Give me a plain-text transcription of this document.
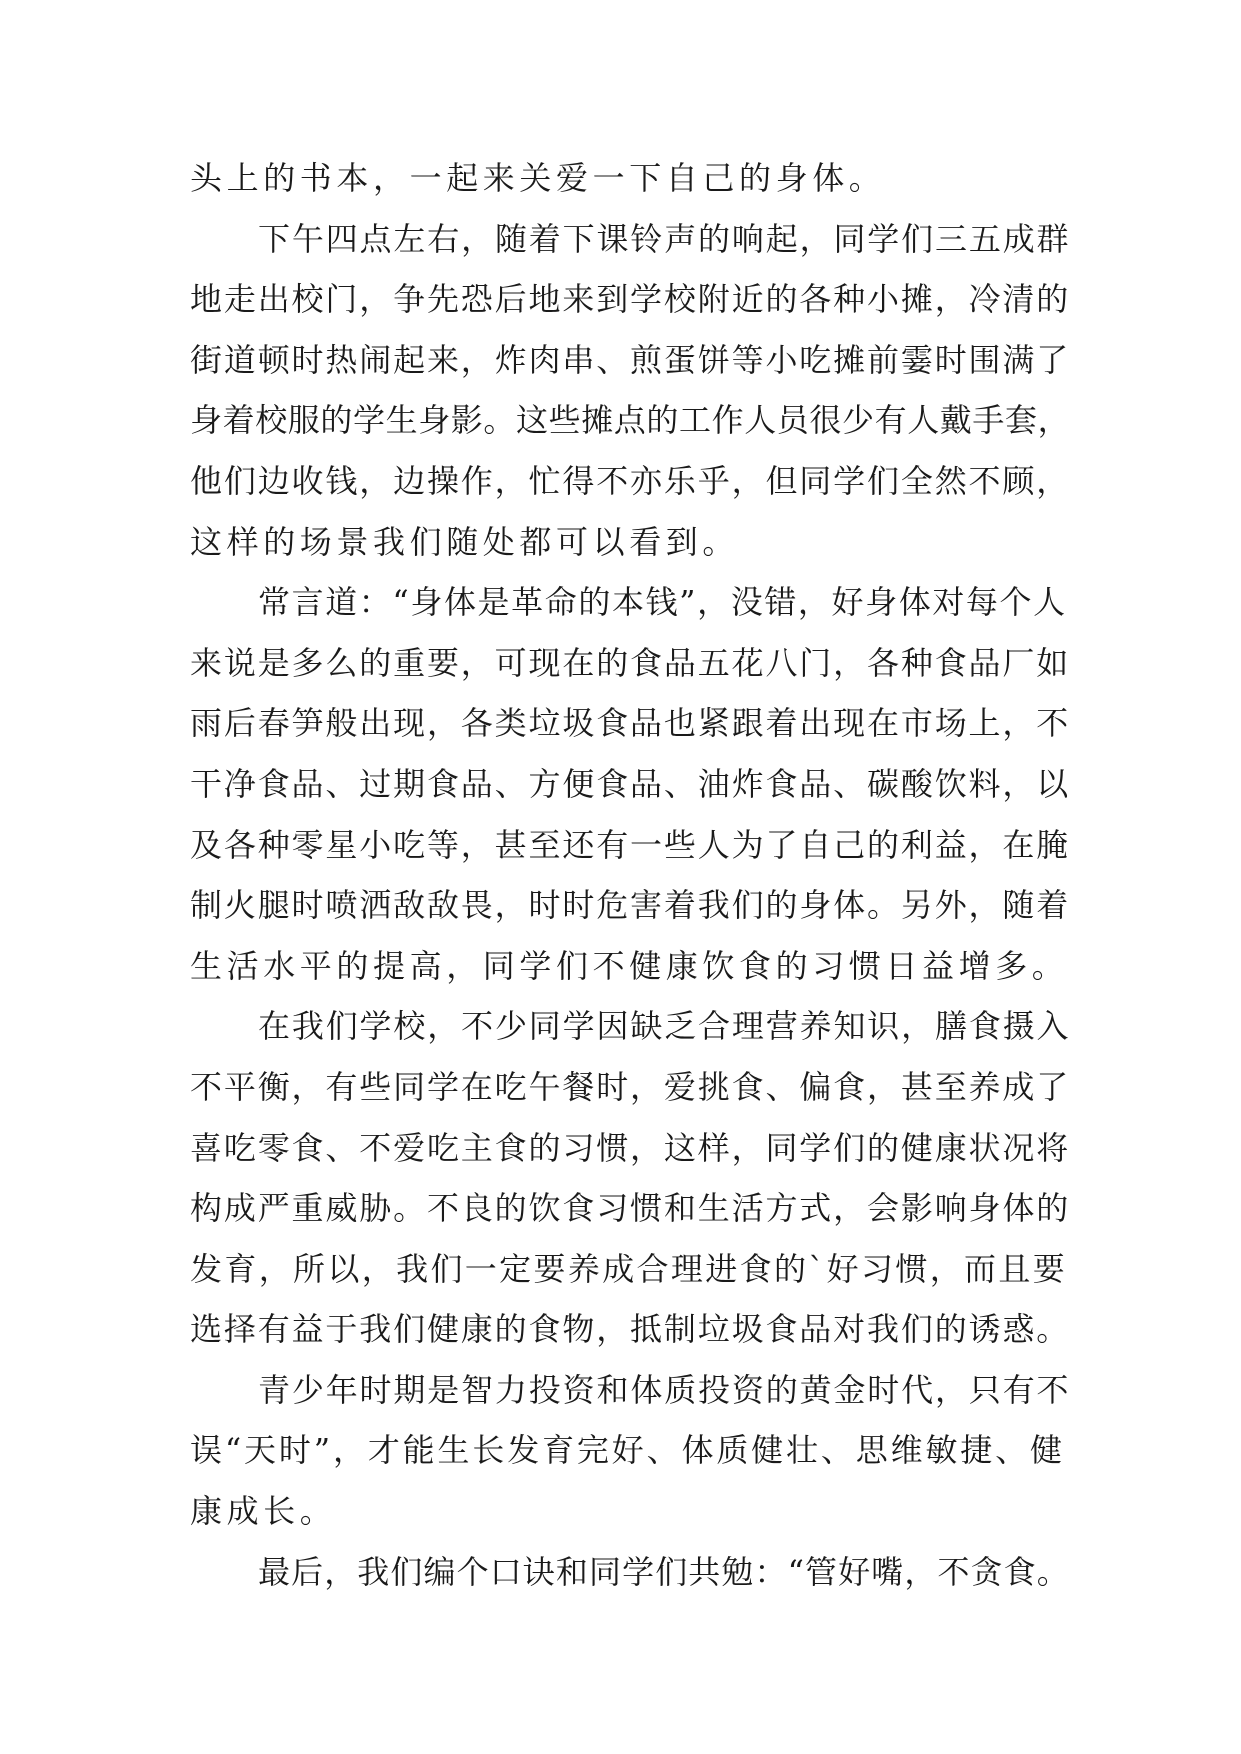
头上的书本，一起来关爱一下自己的身体。
下午四点左右，随着下课铃声的响起，同学们三五成群
地走出校门，争先恐后地来到学校附近的各种小摊，冷清的
街道顿时热闹起来，炸肉串、煎蛋饼等小吃摊前霎时围满了
身着校服的学生身影。这些摊点的工作人员很少有人戴手套，
他们边收钱，边操作，忙得不亦乐乎，但同学们全然不顾，
这样的场景我们随处都可以看到。
常言道：“身体是革命的本钱”，没错，好身体对每个人
来说是多么的重要，可现在的食品五花八门，各种食品厂如
雨后春笋般出现，各类垃圾食品也紧跟着出现在市场上，不
干净食品、过期食品、方便食品、油炸食品、碳酸饮料，以
及各种零星小吃等，甚至还有一些人为了自己的利益，在腌
制火腿时喷洒敌敌畏，时时危害着我们的身体。另外，随着
生活水平的提高，同学们不健康饮食的习惯日益增多。
在我们学校，不少同学因缺乏合理营养知识，膳食摄入
不平衡，有些同学在吃午餐时，爱挑食、偏食，甚至养成了
喜吃零食、不爱吃主食的习惯，这样，同学们的健康状况将
构成严重威胁。不良的饮食习惯和生活方式，会影响身体的
发育，所以，我们一定要养成合理进食的`好习惯，而且要
选择有益于我们健康的食物，抵制垃圾食品对我们的诱惑。
青少年时期是智力投资和体质投资的黄金时代，只有不
误“天时”，才能生长发育完好、体质健壮、思维敏捷、健
康成长。
最后，我们编个口诀和同学们共勉：“管好嘴，不贪食。
